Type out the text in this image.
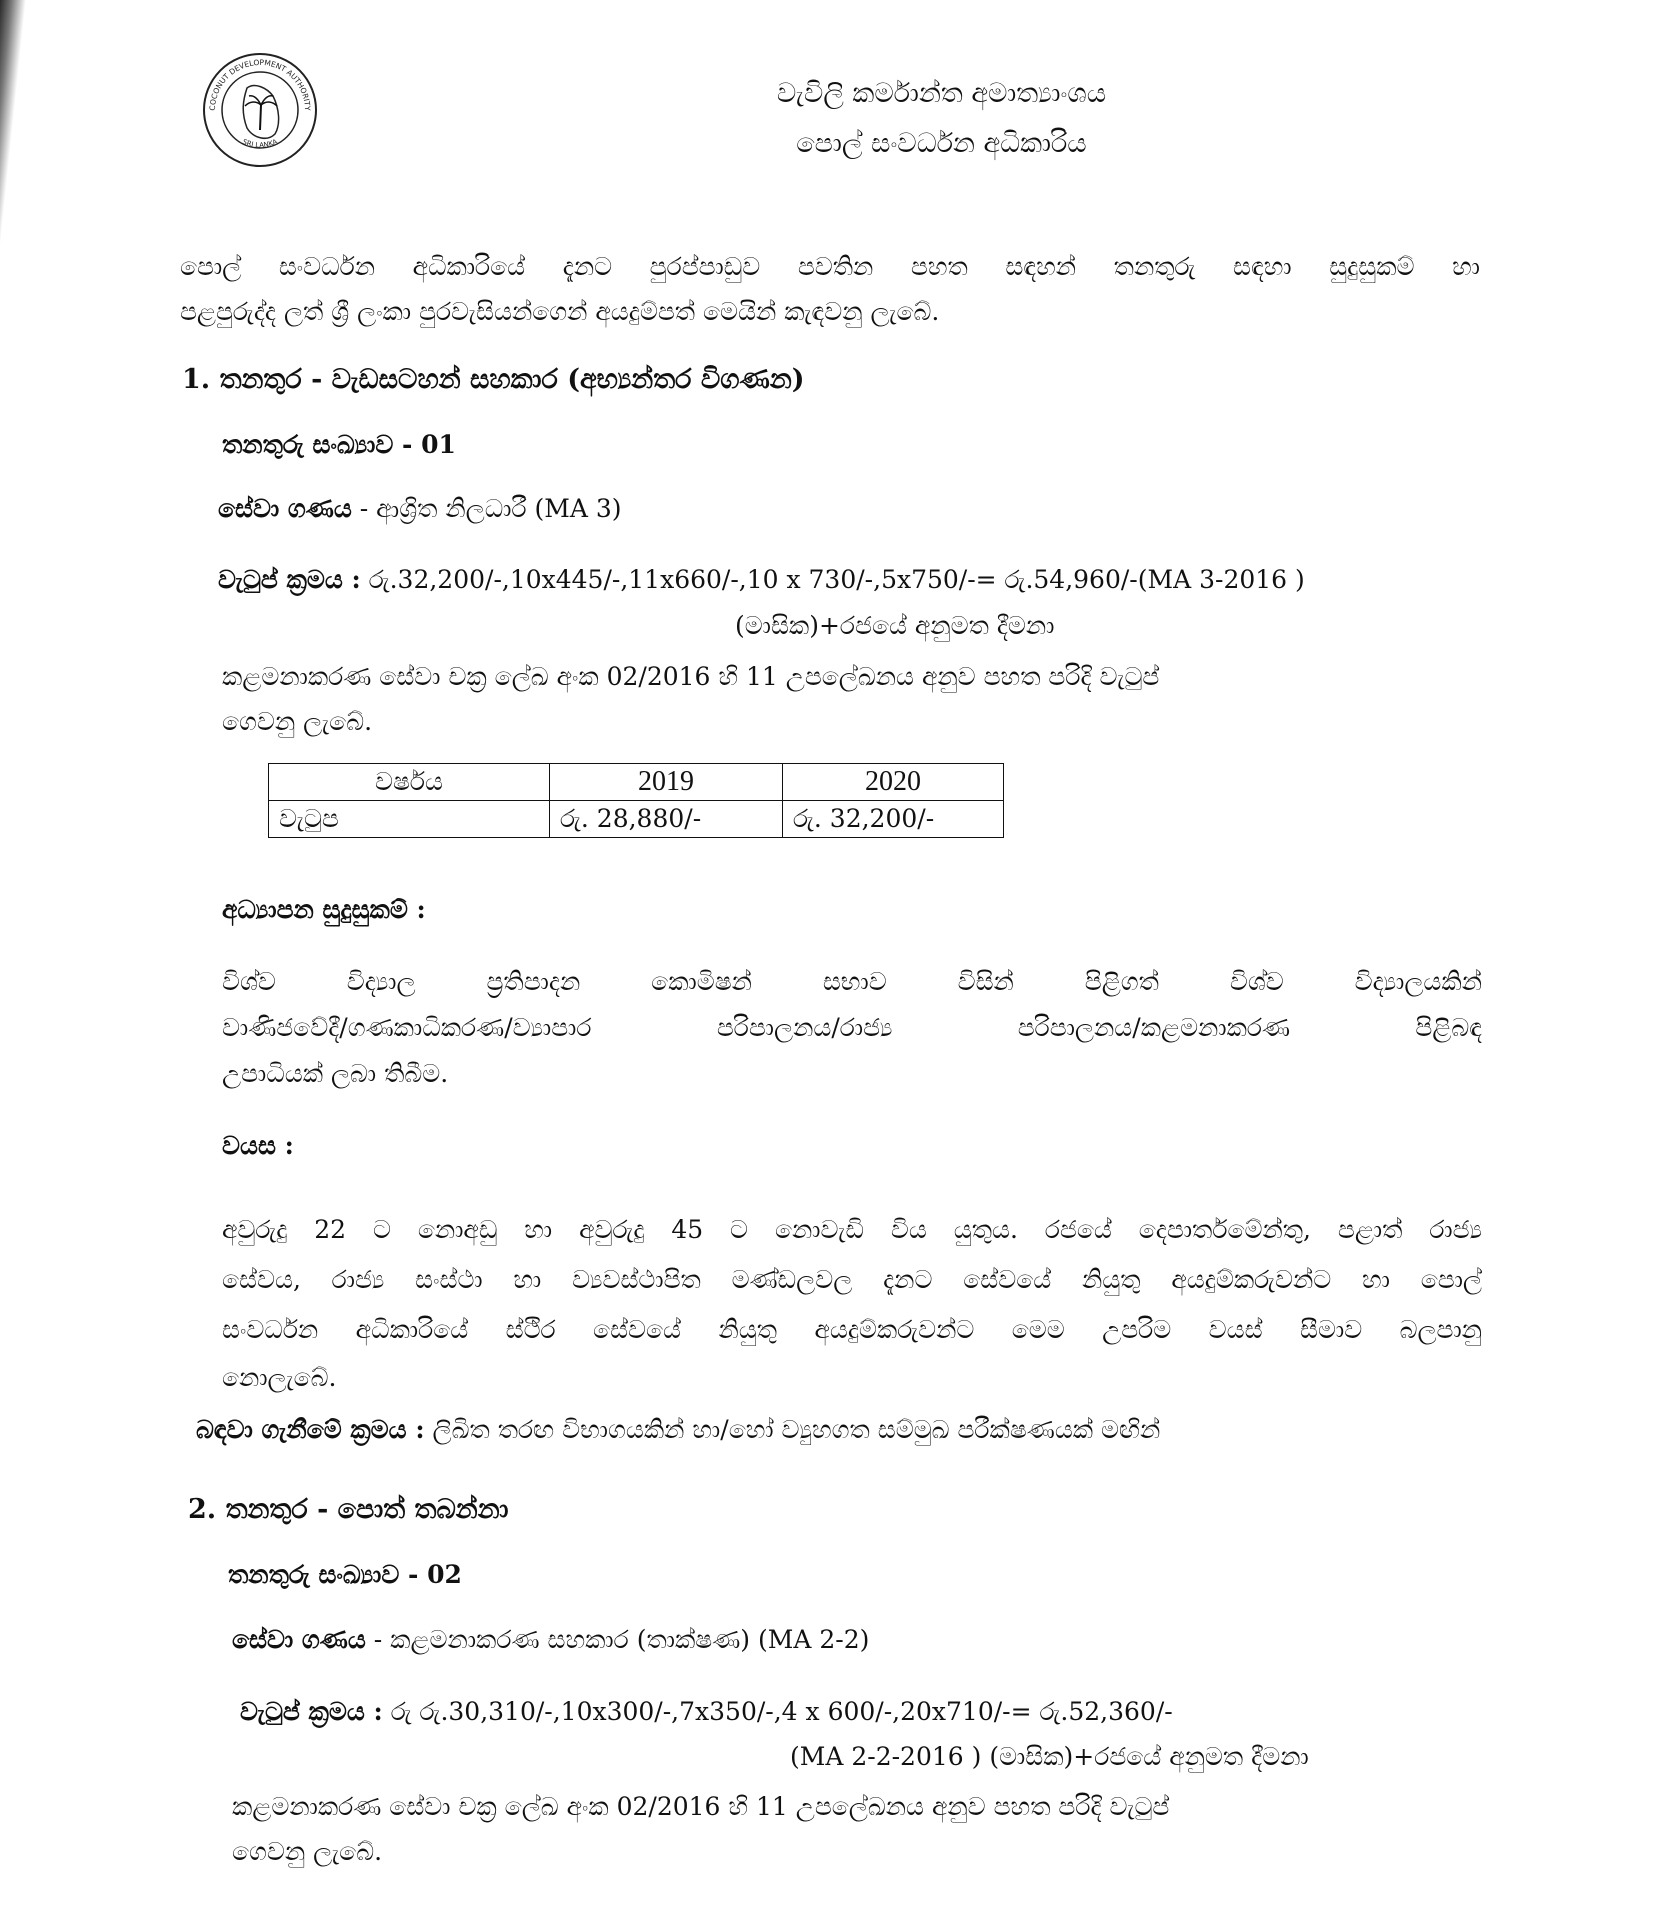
COCONUT DEVELOPMENT AUTHORITY
SRI LANKA
වැවිලි කර්මාන්ත අමාත්‍යාංශය
පොල් සංවර්ධන අධිකාරිය
පොල් සංවර්ධන අධිකාරියේ දැනට පුරප්පාඩුව පවතින පහත සඳහන් තනතුරු සඳහා සුදුසුකම් හා
පළපුරුද්ද ලත් ශ්‍රී ලංකා පුරවැසියන්ගෙන් අයදුම්පත් මෙයින් කැඳවනු ලැබේ.
1. තනතුර - වැඩසටහන් සහකාර (අභ්‍යන්තර විගණන)
තනතුරු සංඛ්‍යාව - 01
සේවා ගණය - ආශ්‍රිත නිලධාරී (MA 3)
වැටුප් ක්‍රමය : රු.32,200/-,10x445/-,11x660/-,10 x 730/-,5x750/-= රු.54,960/-(MA 3-2016 )
(මාසික)+රජයේ අනුමත දීමනා
කළමනාකරණ සේවා චක්‍ර ලේඛ අංක 02/2016 හි 11 උපලේඛනය අනුව පහත පරිදි වැටුප්
ගෙවනු ලැබේ.
වර්ෂය	2019	2020
වැටුප	රු. 28,880/-	රු. 32,200/-
අධ්‍යාපන සුදුසුකම් :
විශ්ව විද්‍යාල ප්‍රතිපාදන කොමිෂන් සභාව විසින් පිළිගත් විශ්ව විද්‍යාලයකින්
වාණිජවේදී/ගණකාධිකරණ/ව්‍යාපාර පරිපාලනය/රාජ්‍ය පරිපාලනය/කළමනාකරණ පිළිබඳ
උපාධියක් ලබා තිබීම.
වයස :
අවුරුදු 22 ට නොඅඩු හා අවුරුදු 45 ට නොවැඩි විය යුතුය. රජයේ දෙපාර්තමේන්තු, පළාත් රාජ්‍ය
සේවය, රාජ්‍ය සංස්ථා හා ව්‍යවස්ථාපිත මණ්ඩලවල දැනට සේවයේ නියුතු අයදුම්කරුවන්ට හා පොල්
සංවර්ධන අධිකාරියේ ස්ථිර සේවයේ නියුතු අයදුම්කරුවන්ට මෙම උපරිම වයස් සීමාව බලපානු
නොලැබේ.
බඳවා ගැනීමේ ක්‍රමය : ලිඛිත තරඟ විභාගයකින් හා/හෝ ව්‍යුහගත සම්මුඛ පරීක්ෂණයක් මඟින්
2. තනතුර - පොත් තබන්නා
තනතුරු සංඛ්‍යාව - 02
සේවා ගණය - කළමනාකරණ සහකාර (තාක්ෂණ) (MA 2-2)
වැටුප් ක්‍රමය : රු රු.30,310/-,10x300/-,7x350/-,4 x 600/-,20x710/-= රු.52,360/-
(MA 2-2-2016 ) (මාසික)+රජයේ අනුමත දීමනා
කළමනාකරණ සේවා චක්‍ර ලේඛ අංක 02/2016 හි 11 උපලේඛනය අනුව පහත පරිදි වැටුප්
ගෙවනු ලැබේ.
